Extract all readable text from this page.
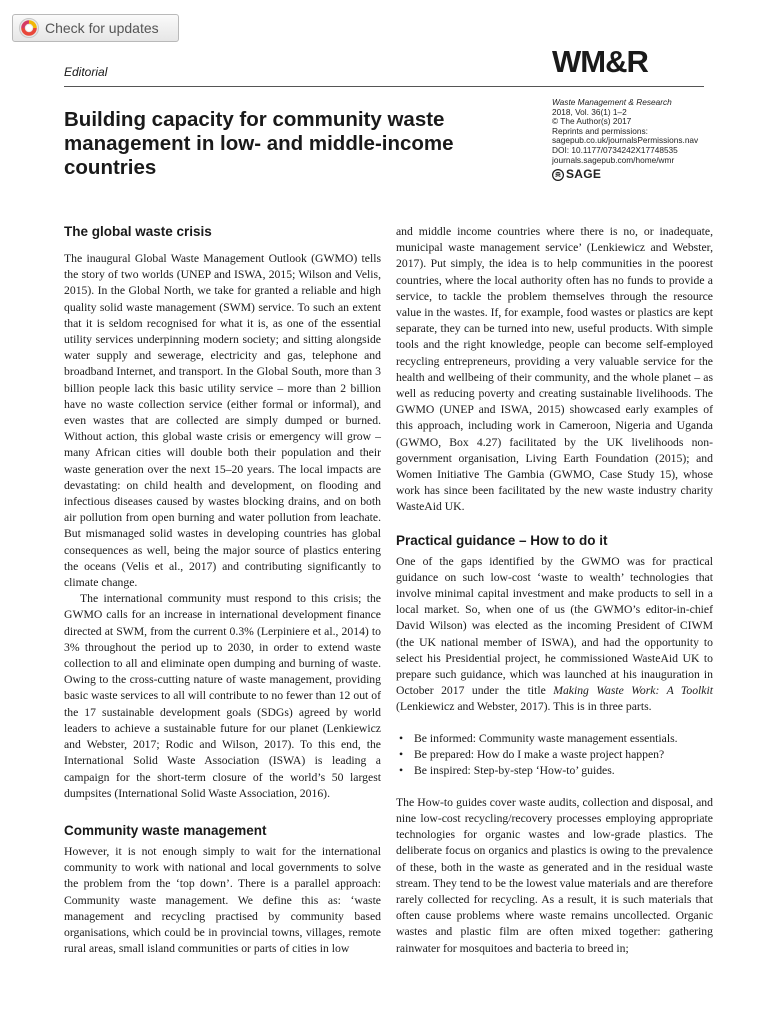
Check for updates
Editorial	WM&R
Building capacity for community waste management in low- and middle-income countries
Waste Management & Research
2018, Vol. 36(1) 1–2
© The Author(s) 2017
Reprints and permissions:
sagepub.co.uk/journalsPermissions.nav
DOI: 10.1177/0734242X17748535
journals.sagepub.com/home/wmr
SAGE
The global waste crisis

The inaugural Global Waste Management Outlook (GWMO) tells the story of two worlds (UNEP and ISWA, 2015; Wilson and Velis, 2015). In the Global North, we take for granted a reliable and high quality solid waste management (SWM) service. To such an extent that it is seldom recognised for what it is, as one of the essential utility services underpinning modern society; and sitting alongside water supply and sewerage, electricity and gas, telephone and broadband Internet, and transport. In the Global South, more than 3 billion people lack this basic utility service – more than 2 billion have no waste collection service (either formal or informal), and even wastes that are collected are simply dumped or burned. Without action, this global waste crisis or emergency will grow – many African cities will double both their population and their waste generation over the next 15–20 years. The local impacts are devastating: on child health and development, on flooding and infectious diseases caused by wastes blocking drains, and on both air pollution from open burning and water pollution from leachate. But mismanaged solid wastes in developing countries has global consequences as well, being the major source of plastics entering the oceans (Velis et al., 2017) and contributing significantly to climate change.

The international community must respond to this crisis; the GWMO calls for an increase in international development finance directed at SWM, from the current 0.3% (Lerpiniere et al., 2014) to 3% throughout the period up to 2030, in order to extend waste collection to all and eliminate open dumping and burning of waste. Owing to the cross-cutting nature of waste management, providing basic waste services to all will contribute to no fewer than 12 out of the 17 sustainable development goals (SDGs) agreed by world leaders to achieve a sustainable future for our planet (Lenkiewicz and Webster, 2017; Rodic and Wilson, 2017). To this end, the International Solid Waste Association (ISWA) is leading a campaign for the short-term closure of the world’s 50 largest dumpsites (International Solid Waste Association, 2016).

Community waste management

However, it is not enough simply to wait for the international community to work with national and local governments to solve the problem from the ‘top down’. There is a parallel approach: Community waste management. We define this as: ‘waste management and recycling practised by community based organisations, which could be in provincial towns, villages, remote rural areas, small island communities or parts of cities in low

and middle income countries where there is no, or inadequate, municipal waste management service’ (Lenkiewicz and Webster, 2017). Put simply, the idea is to help communities in the poorest countries, where the local authority often has no funds to provide a service, to tackle the problem themselves through the resource value in the wastes. If, for example, food wastes or plastics are kept separate, they can be turned into new, useful products. With simple tools and the right knowledge, people can become self-employed recycling entrepreneurs, providing a very valuable service for the health and wellbeing of their community, and the whole planet – as well as reducing poverty and creating sustainable livelihoods. The GWMO (UNEP and ISWA, 2015) showcased early examples of this approach, including work in Cameroon, Nigeria and Uganda (GWMO, Box 4.27) facilitated by the UK livelihoods non-government organisation, Living Earth Foundation (2015); and Women Initiative The Gambia (GWMO, Case Study 15), whose work has since been facilitated by the new waste industry charity WasteAid UK.

Practical guidance – How to do it

One of the gaps identified by the GWMO was for practical guidance on such low-cost ‘waste to wealth’ technologies that involve minimal capital investment and make products to sell in a local market. So, when one of us (the GWMO’s editor-in-chief David Wilson) was elected as the incoming President of CIWM (the UK national member of ISWA), and had the opportunity to select his Presidential project, he commissioned WasteAid UK to prepare such guidance, which was launched at his inauguration in October 2017 under the title Making Waste Work: A Toolkit (Lenkiewicz and Webster, 2017). This is in three parts.

• Be informed: Community waste management essentials.
• Be prepared: How do I make a waste project happen?
• Be inspired: Step-by-step ‘How-to’ guides.

The How-to guides cover waste audits, collection and disposal, and nine low-cost recycling/recovery processes employing appropriate technologies for organic wastes and low-grade plastics. The deliberate focus on organics and plastics is owing to the prevalence of these, both in the waste as generated and in the residual waste stream. They tend to be the lowest value materials and are therefore rarely collected for recycling. As a result, it is such materials that often cause problems where waste remains uncollected. Organic wastes and plastic film are often mixed together: gathering rainwater for mosquitoes and bacteria to breed in;
